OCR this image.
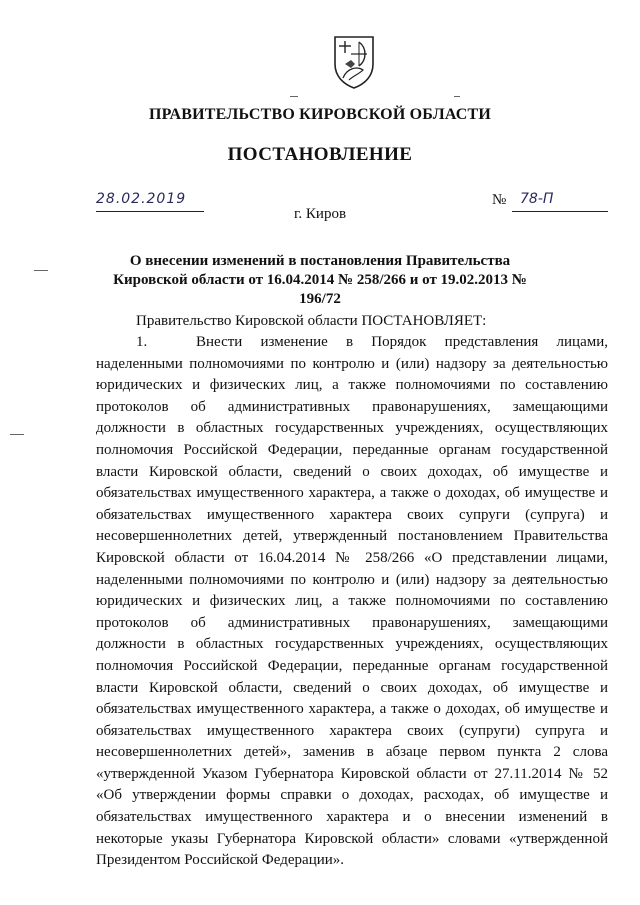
ПРАВИТЕЛЬСТВО КИРОВСКОЙ ОБЛАСТИ
ПОСТАНОВЛЕНИЕ
28.02.2019	№ 78-П
г. Киров
О внесении изменений в постановления Правительства Кировской области от 16.04.2014 № 258/266 и от 19.02.2013 № 196/72
Правительство Кировской области ПОСТАНОВЛЯЕТ:
1.	Внести изменение в Порядок представления лицами, наделенными полномочиями по контролю и (или) надзору за деятельностью юридических и физических лиц, а также полномочиями по составлению протоколов об административных правонарушениях, замещающими должности в областных государственных учреждениях, осуществляющих полномочия Российской Федерации, переданные органам государственной власти Кировской области, сведений о своих доходах, об имуществе и обязательствах имущественного характера, а также о доходах, об имуществе и обязательствах имущественного характера своих супруги (супруга) и несовершеннолетних детей, утвержденный постановлением Правительства Кировской области от 16.04.2014 № 258/266 «О представлении лицами, наделенными полномочиями по контролю и (или) надзору за деятельностью юридических и физических лиц, а также полномочиями по составлению протоколов об административных правонарушениях, замещающими должности в областных государственных учреждениях, осуществляющих полномочия Российской Федерации, переданные органам государственной власти Кировской области, сведений о своих доходах, об имуществе и обязательствах имущественного характера, а также о доходах, об имуществе и обязательствах имущественного характера своих (супруги) супруга и несовершеннолетних детей», заменив в абзаце первом пункта 2 слова «утвержденной Указом Губернатора Кировской области от 27.11.2014 № 52 «Об утверждении формы справки о доходах, расходах, об имуществе и обязательствах имущественного характера и о внесении изменений в некоторые указы Губернатора Кировской области» словами «утвержденной Президентом Российской Федерации».
